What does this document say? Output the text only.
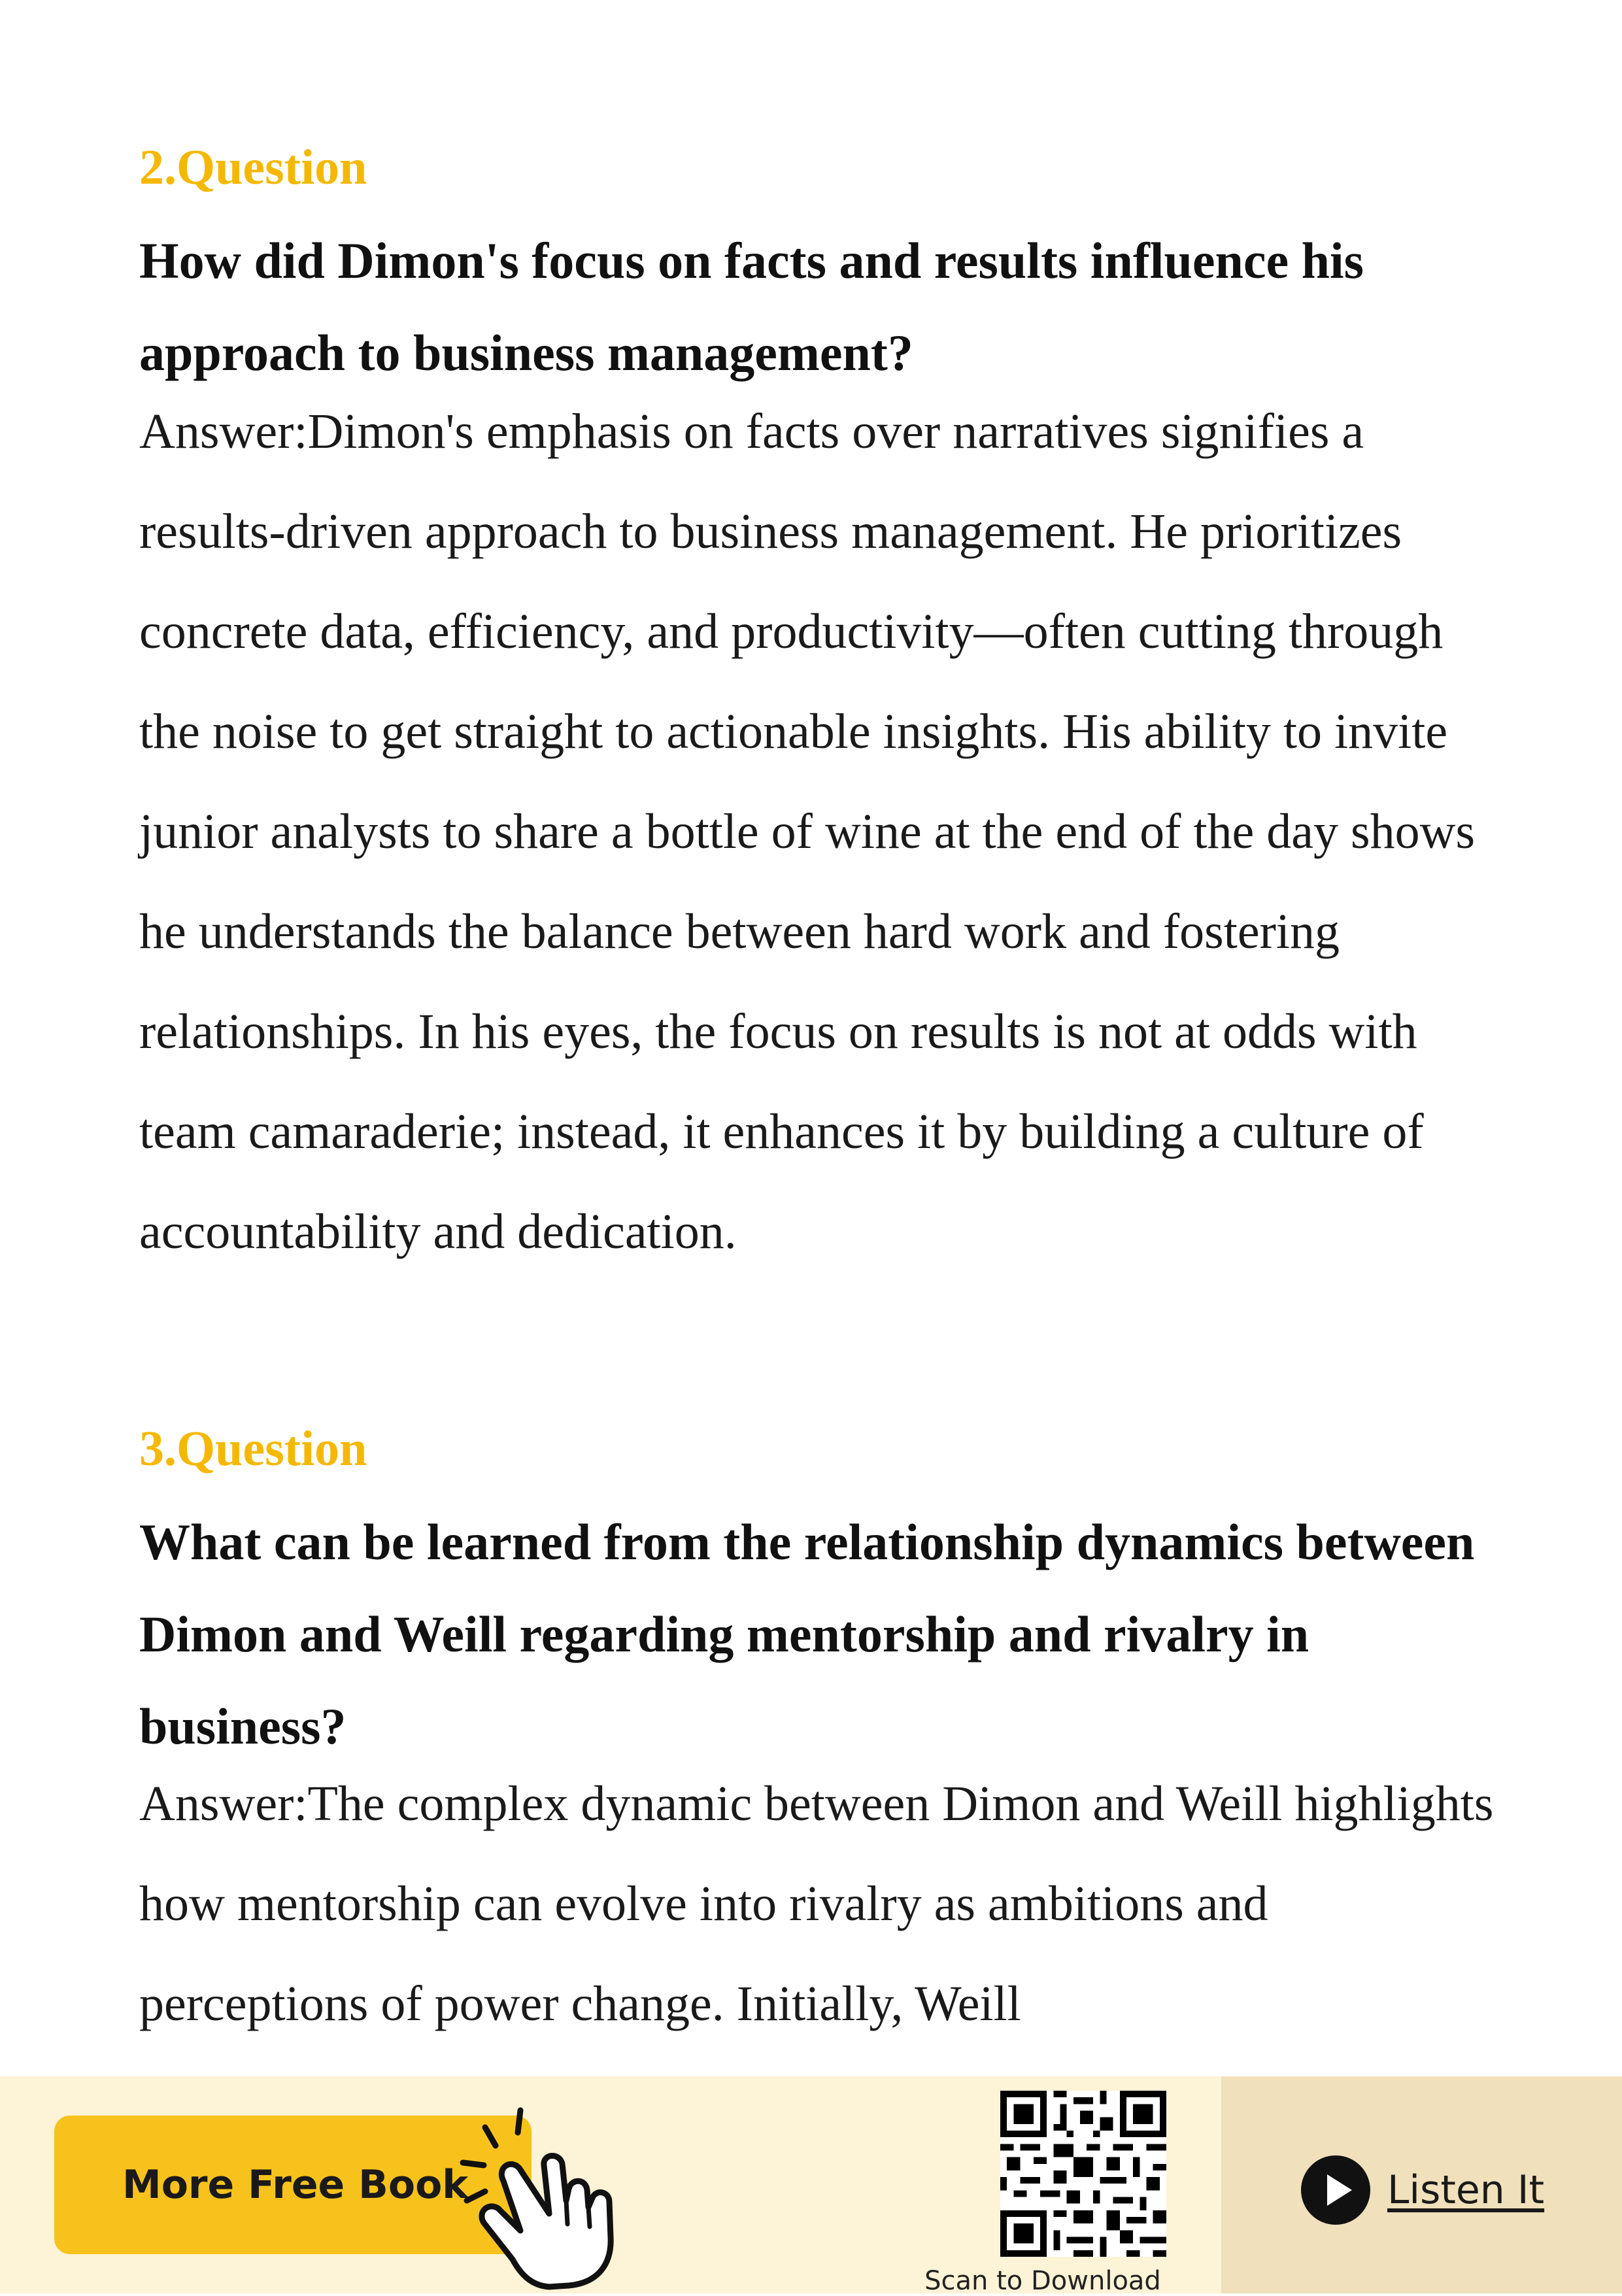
2.Question
How did Dimon's focus on facts and results influence his approach to business management?
Answer:Dimon's emphasis on facts over narratives signifies a results-driven approach to business management. He prioritizes concrete data, efficiency, and productivity—often cutting through the noise to get straight to actionable insights. His ability to invite junior analysts to share a bottle of wine at the end of the day shows he understands the balance between hard work and fostering relationships. In his eyes, the focus on results is not at odds with team camaraderie; instead, it enhances it by building a culture of accountability and dedication.
3.Question
What can be learned from the relationship dynamics between Dimon and Weill regarding mentorship and rivalry in business?
Answer:The complex dynamic between Dimon and Weill highlights how mentorship can evolve into rivalry as ambitions and perceptions of power change. Initially, Weill
More Free Book
Scan to Download
Listen It
